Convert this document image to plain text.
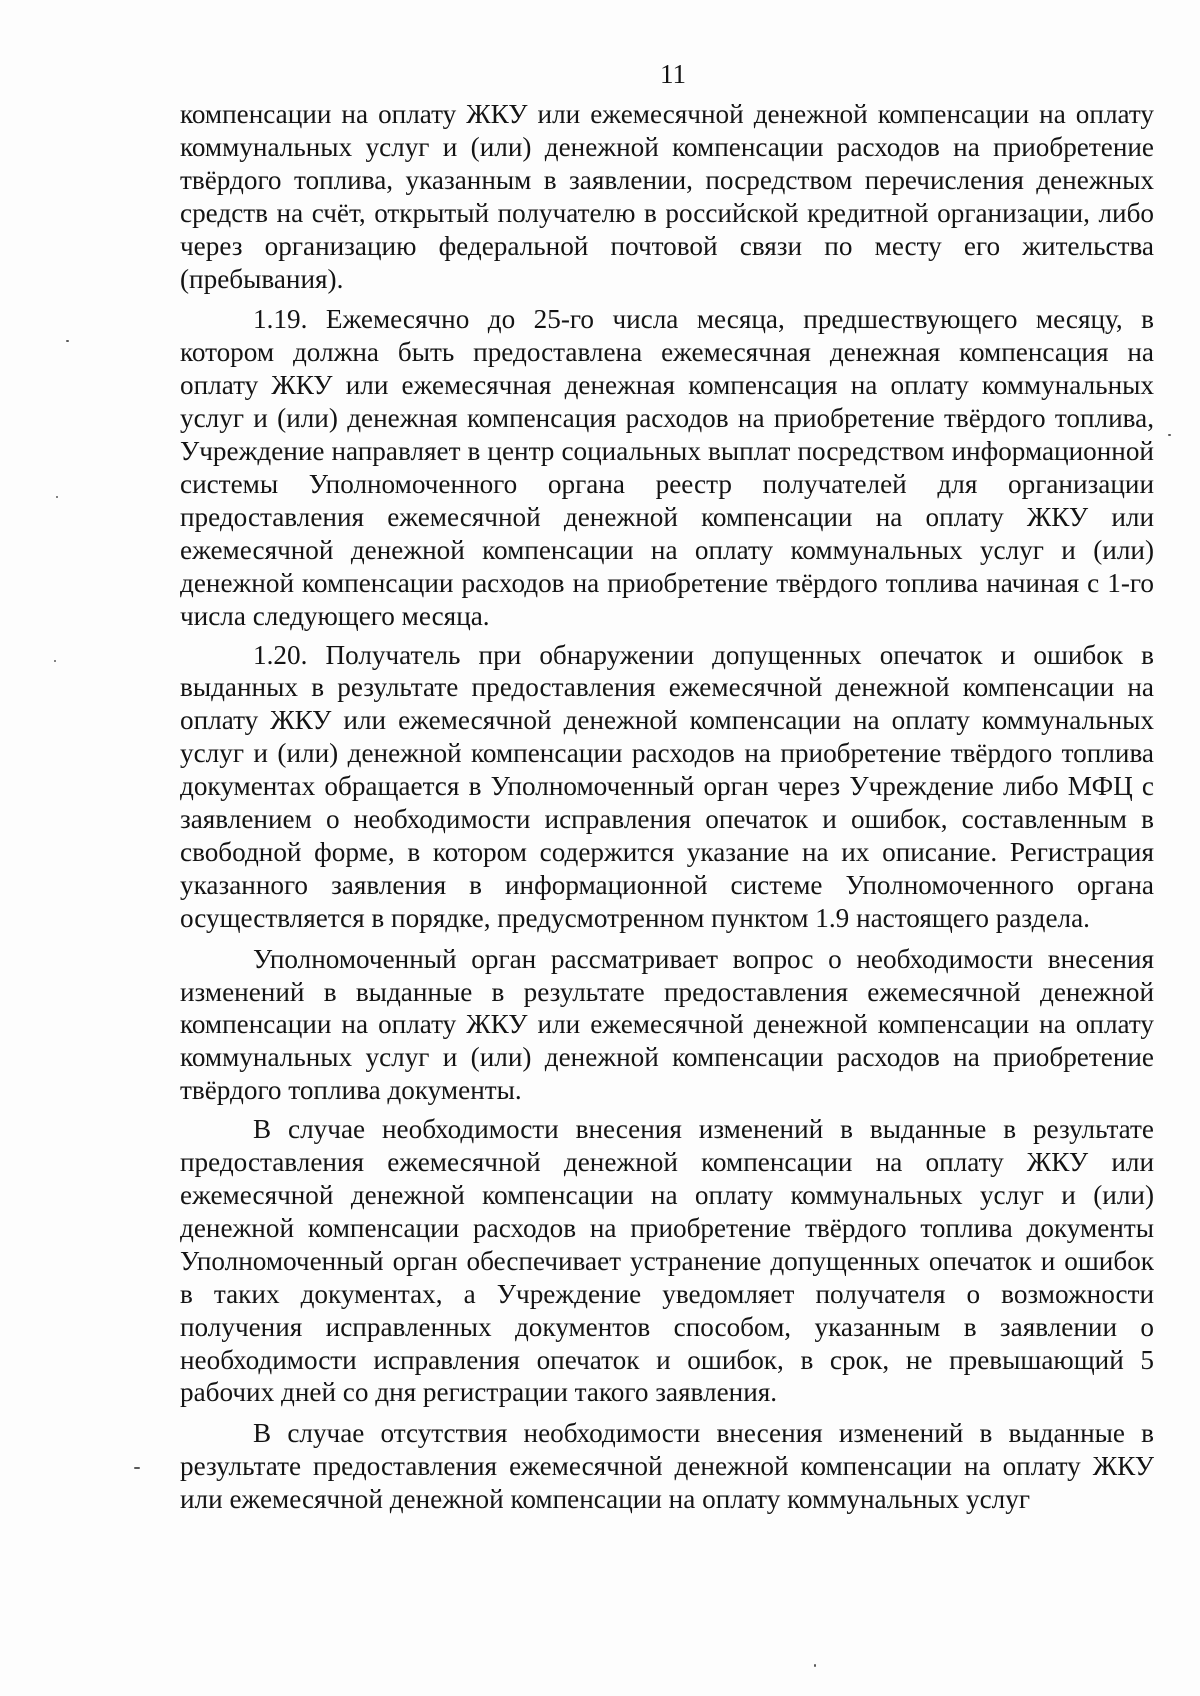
11

компенсации на оплату ЖКУ или ежемесячной денежной компенсации на оплату коммунальных услуг и (или) денежной компенсации расходов на приобретение твёрдого топлива, указанным в заявлении, посредством перечисления денежных средств на счёт, открытый получателю в российской кредитной организации, либо через организацию федеральной почтовой связи по месту его жительства (пребывания).

1.19. Ежемесячно до 25-го числа месяца, предшествующего месяцу, в котором должна быть предоставлена ежемесячная денежная компенсация на оплату ЖКУ или ежемесячная денежная компенсация на оплату коммунальных услуг и (или) денежная компенсация расходов на приобретение твёрдого топлива, Учреждение направляет в центр социальных выплат посредством информационной системы Уполномоченного органа реестр получателей для организации предоставления ежемесячной денежной компенсации на оплату ЖКУ или ежемесячной денежной компенсации на оплату коммунальных услуг и (или) денежной компенсации расходов на приобретение твёрдого топлива начиная с 1-го числа следующего месяца.

1.20. Получатель при обнаружении допущенных опечаток и ошибок в выданных в результате предоставления ежемесячной денежной компенсации на оплату ЖКУ или ежемесячной денежной компенсации на оплату коммунальных услуг и (или) денежной компенсации расходов на приобретение твёрдого топлива документах обращается в Уполномоченный орган через Учреждение либо МФЦ с заявлением о необходимости исправления опечаток и ошибок, составленным в свободной форме, в котором содержится указание на их описание. Регистрация указанного заявления в информационной системе Уполномоченного органа осуществляется в порядке, предусмотренном пунктом 1.9 настоящего раздела.

Уполномоченный орган рассматривает вопрос о необходимости внесения изменений в выданные в результате предоставления ежемесячной денежной компенсации на оплату ЖКУ или ежемесячной денежной компенсации на оплату коммунальных услуг и (или) денежной компенсации расходов на приобретение твёрдого топлива документы.

В случае необходимости внесения изменений в выданные в результате предоставления ежемесячной денежной компенсации на оплату ЖКУ или ежемесячной денежной компенсации на оплату коммунальных услуг и (или) денежной компенсации расходов на приобретение твёрдого топлива документы Уполномоченный орган обеспечивает устранение допущенных опечаток и ошибок в таких документах, а Учреждение уведомляет получателя о возможности получения исправленных документов способом, указанным в заявлении о необходимости исправления опечаток и ошибок, в срок, не превышающий 5 рабочих дней со дня регистрации такого заявления.

В случае отсутствия необходимости внесения изменений в выданные в результате предоставления ежемесячной денежной компенсации на оплату ЖКУ или ежемесячной денежной компенсации на оплату коммунальных услуг
